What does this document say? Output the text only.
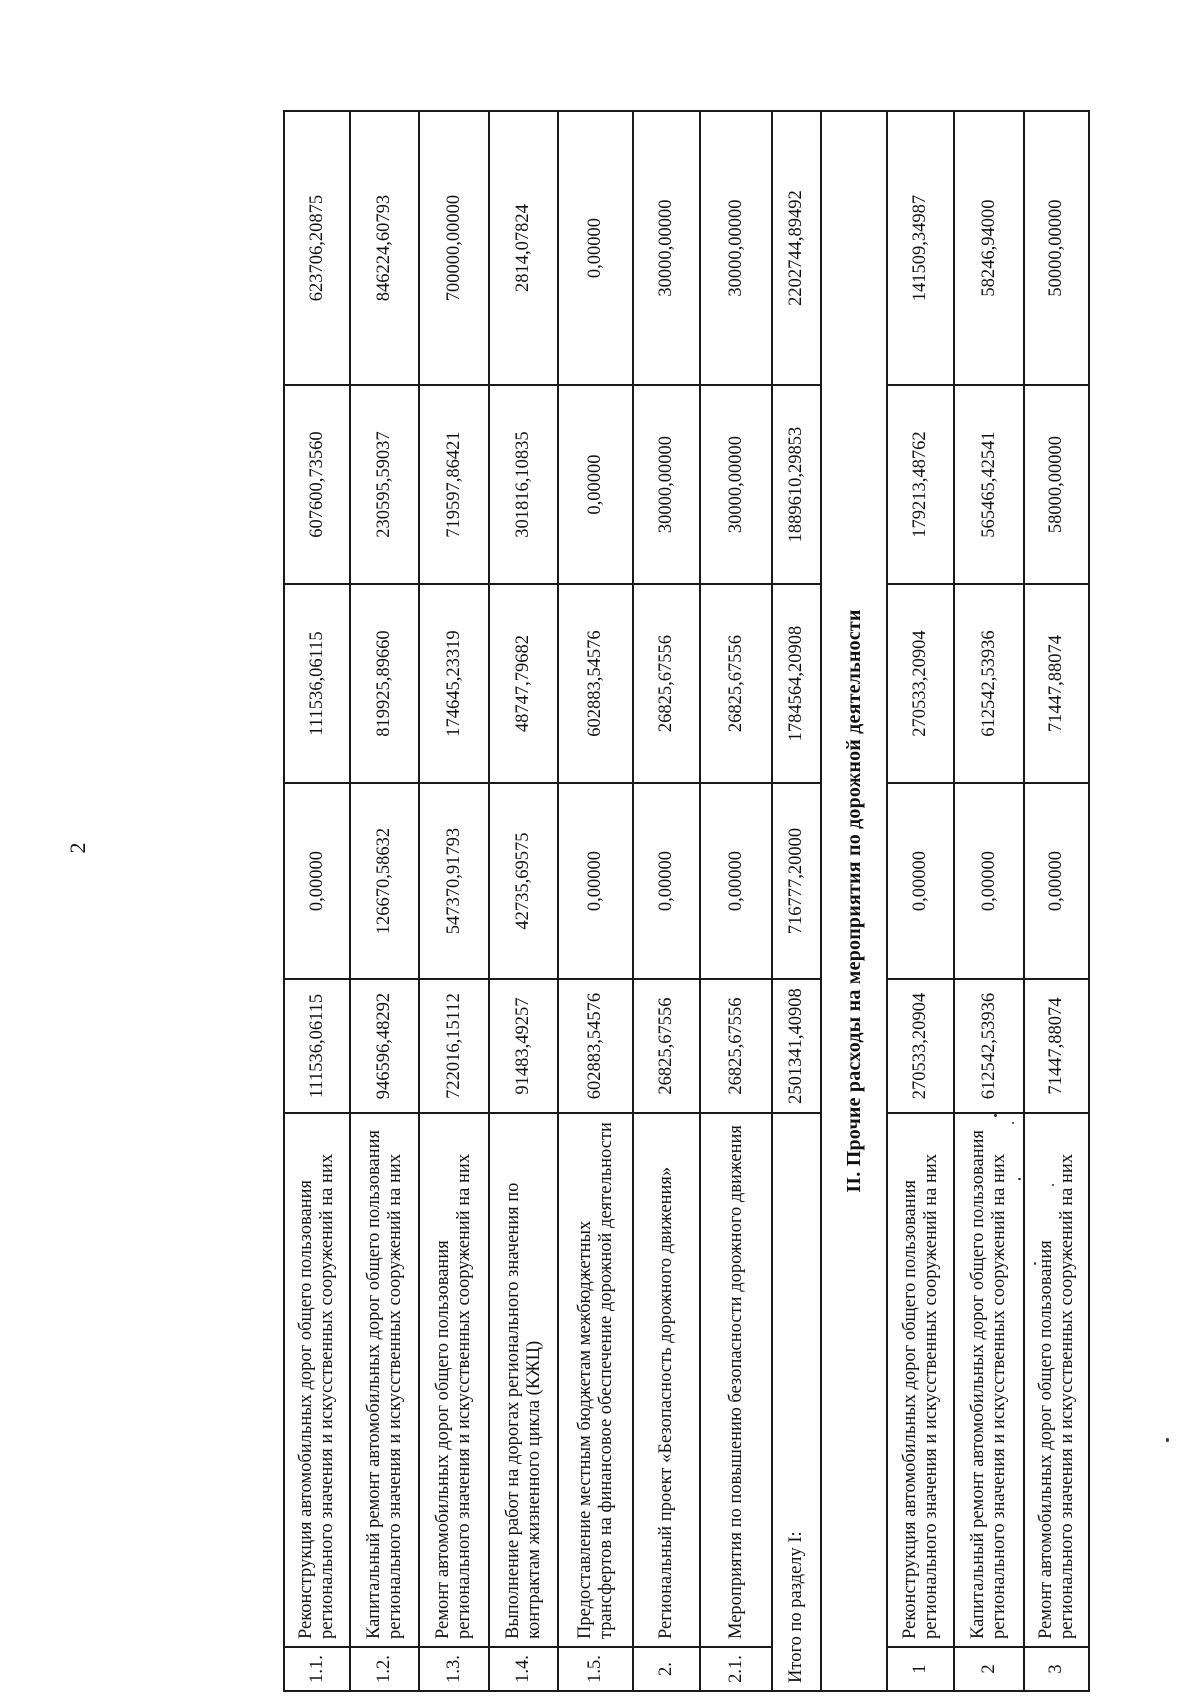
2
1.1.	Реконструкция автомобильных дорог общего пользования регионального значения и искусственных сооружений на них	111536,06115	0,00000	111536,06115	607600,73560	623706,20875
1.2.	Капитальный ремонт автомобильных дорог общего пользования регионального значения и искусственных сооружений на них	946596,48292	126670,58632	819925,89660	230595,59037	846224,60793
1.3.	Ремонт автомобильных дорог общего пользования регионального значения и искусственных сооружений на них	722016,15112	547370,91793	174645,23319	719597,86421	700000,00000
1.4.	Выполнение работ на дорогах регионального значения по контрактам жизненного цикла (КЖЦ)	91483,49257	42735,69575	48747,79682	301816,10835	2814,07824
1.5.	Предоставление местным бюджетам межбюджетных трансфертов на финансовое обеспечение дорожной деятельности	602883,54576	0,00000	602883,54576	0,00000	0,00000
2.	Региональный проект «Безопасность дорожного движения»	26825,67556	0,00000	26825,67556	30000,00000	30000,00000
2.1.	Мероприятия по повышению безопасности дорожного движения	26825,67556	0,00000	26825,67556	30000,00000	30000,00000
Итого по разделу I:		2501341,40908	716777,20000	1784564,20908	1889610,29853	2202744,89492
II. Прочие расходы на мероприятия по дорожной деятельности						
1	Реконструкция автомобильных дорог общего пользования регионального значения и искусственных сооружений на них	270533,20904	0,00000	270533,20904	179213,48762	141509,34987
2	Капитальный ремонт автомобильных дорог общего пользования регионального значения и искусственных сооружений на них	612542,53936	0,00000	612542,53936	565465,42541	58246,94000
3	Ремонт автомобильных дорог общего пользования регионального значения и искусственных сооружений на них	71447,88074	0,00000	71447,88074	58000,00000	50000,00000
